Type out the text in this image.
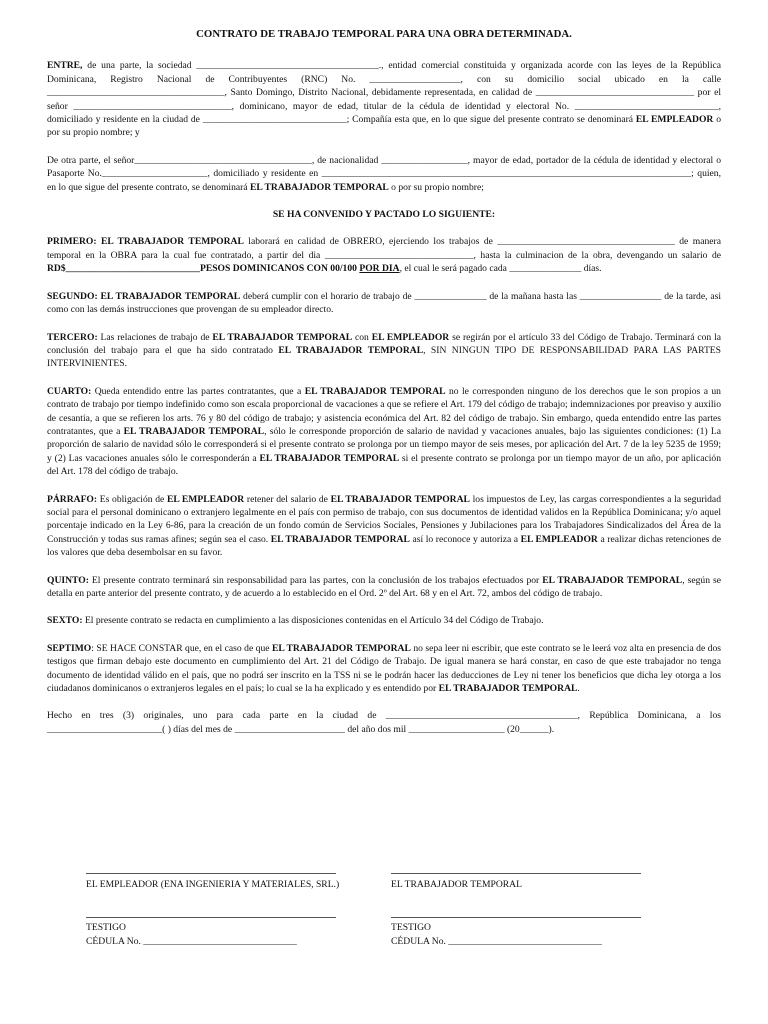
CONTRATO DE TRABAJO TEMPORAL PARA UNA OBRA DETERMINADA.

ENTRE, de una parte, la sociedad ______________________________________., entidad comercial constituida y organizada acorde con las leyes de la República Dominicana, Registro Nacional de Contribuyentes (RNC) No. ___________________, con su domicilio social ubicado en la calle _____________________________________, Santo Domingo, Distrito Nacional, debidamente representada, en calidad de _________________________________ por el señor _________________________________, dominicano, mayor de edad, titular de la cédula de identidad y electoral No. ______________________________, domiciliado y residente en la ciudad de ______________________________; Compañía esta que, en lo que sigue del presente contrato se denominará EL EMPLEADOR o por su propio nombre; y

De otra parte, el señor_____________________________________, de nacionalidad __________________, mayor de edad, portador de la cédula de identidad y electoral o Pasaporte No.______________________, domiciliado y residente en _____________________________________________________________________________; quien, en lo que sigue del presente contrato, se denominará EL TRABAJADOR TEMPORAL o por su propio nombre;

SE HA CONVENIDO Y PACTADO LO SIGUIENTE:

PRIMERO: EL TRABAJADOR TEMPORAL laborará en calidad de OBRERO, ejerciendo los trabajos de _____________________________________ de manera temporal en la OBRA para la cual fue contratado, a partir del dia _______________________________, hasta la culminacion de la obra, devengando un salario de RD$____________________________PESOS DOMINICANOS CON 00/100 POR DIA, el cual le será pagado cada _______________ días.

SEGUNDO: EL TRABAJADOR TEMPORAL deberá cumplir con el horario de trabajo de _______________ de la mañana hasta las _________________ de la tarde, asi como con las demás instrucciones que provengan de su empleador directo.

TERCERO: Las relaciones de trabajo de EL TRABAJADOR TEMPORAL con EL EMPLEADOR se regirán por el artículo 33 del Código de Trabajo. Terminará con la conclusión del trabajo para el que ha sido contratado EL TRABAJADOR TEMPORAL, SIN NINGUN TIPO DE RESPONSABILIDAD PARA LAS PARTES INTERVINIENTES.

CUARTO: Queda entendido entre las partes contratantes, que a EL TRABAJADOR TEMPORAL no le corresponden ninguno de los derechos que le son propios a un contrato de trabajo por tiempo indefinido como son escala proporcional de vacaciones a que se refiere el Art. 179 del código de trabajo; indemnizaciones por preaviso y auxilio de cesantía, a que se refieren los arts. 76 y 80 del código de trabajo; y asistencia económica del Art. 82 del código de trabajo. Sin embargo, queda entendido entre las partes contratantes, que a EL TRABAJADOR TEMPORAL, sólo le corresponde proporción de salario de navidad y vacaciones anuales, bajo las siguientes condiciones: (1) La proporción de salario de navidad sólo le corresponderá si el presente contrato se prolonga por un tiempo mayor de seis meses, por aplicación del Art. 7 de la ley 5235 de 1959; y (2) Las vacaciones anuales sólo le corresponderán a EL TRABAJADOR TEMPORAL si el presente contrato se prolonga por un tiempo mayor de un año, por aplicación del Art. 178 del código de trabajo.

PÁRRAFO: Es obligación de EL EMPLEADOR retener del salario de EL TRABAJADOR TEMPORAL los impuestos de Ley, las cargas correspondientes a la seguridad social para el personal dominicano o extranjero legalmente en el país con permiso de trabajo, con sus documentos de identidad validos en la República Dominicana; y/o aquel porcentaje indicado en la Ley 6-86, para la creación de un fondo común de Servicios Sociales, Pensiones y Jubilaciones para los Trabajadores Sindicalizados del Área de la Construcción y todas sus ramas afines; según sea el caso. EL TRABAJADOR TEMPORAL así lo reconoce y autoriza a EL EMPLEADOR a realizar dichas retenciones de los valores que deba desembolsar en su favor.

QUINTO: El presente contrato terminará sin responsabilidad para las partes, con la conclusión de los trabajos efectuados por EL TRABAJADOR TEMPORAL, según se detalla en parte anterior del presente contrato, y de acuerdo a lo establecido en el Ord. 2º del Art. 68 y en el Art. 72, ambos del código de trabajo.

SEXTO: El presente contrato se redacta en cumplimiento a las disposiciones contenidas en el Artículo 34 del Código de Trabajo.

SEPTIMO: SE HACE CONSTAR que, en el caso de que EL TRABAJADOR TEMPORAL no sepa leer ni escribir, que este contrato se le leerá voz alta en presencia de dos testigos que firman debajo este documento en cumplimiento del Art. 21 del Código de Trabajo. De igual manera se hará constar, en caso de que este trabajador no tenga documento de identidad válido en el país, que no podrá ser inscrito en la TSS ni se le podrán hacer las deducciones de Ley ni tener los beneficios que dicha ley otorga a los ciudadanos dominicanos o extranjeros legales en el país; lo cual se la ha explicado y es entendido por EL TRABAJADOR TEMPORAL.

Hecho en tres (3) originales, uno para cada parte en la ciudad de ________________________________________, República Dominicana, a los ________________________( ) días del mes de _______________________ del año dos mil ____________________ (20______).

EL EMPLEADOR (ENA INGENIERIA Y MATERIALES, SRL.)	EL TRABAJADOR TEMPORAL
TESTIGO
CÉDULA No. ________________________________
TESTIGO
CÉDULA No. ________________________________
